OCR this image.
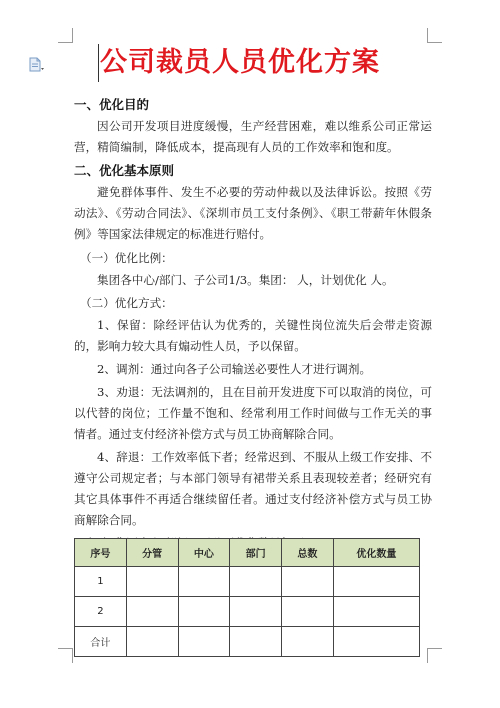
公司裁员人员优化方案
一、优化目的

因公司开发项目进度缓慢，生产经营困难，难以维系公司正常运营，精简编制，降低成本，提高现有人员的工作效率和饱和度。

二、优化基本原则

避免群体事件、发生不必要的劳动仲裁以及法律诉讼。按照《劳动法》、《劳动合同法》、《深圳市员工支付条例》、《职工带薪年休假条例》等国家法律规定的标准进行赔付。

（一）优化比例：

集团各中心/部门、子公司1/3。集团： 人，计划优化 人。

（二）优化方式：

1、保留：除经评估认为优秀的，关键性岗位流失后会带走资源的，影响力较大具有煽动性人员，予以保留。

2、调剂：通过向各子公司输送必要性人才进行调剂。

3、劝退：无法调剂的，且在目前开发进度下可以取消的岗位，可以代替的岗位；工作量不饱和、经常利用工作时间做与工作无关的事情者。通过支付经济补偿方式与员工协商解除合同。

4、辞退：工作效率低下者；经常迟到、不服从上级工作安排、不遵守公司规定者；与本部门领导有裙带关系且表现较差者；经研究有其它具体事件不再适合继续留任者。通过支付经济补偿方式与员工协商解除合同。

序号	分管	中心	部门	总数	优化数量
1					
2					
合计					
